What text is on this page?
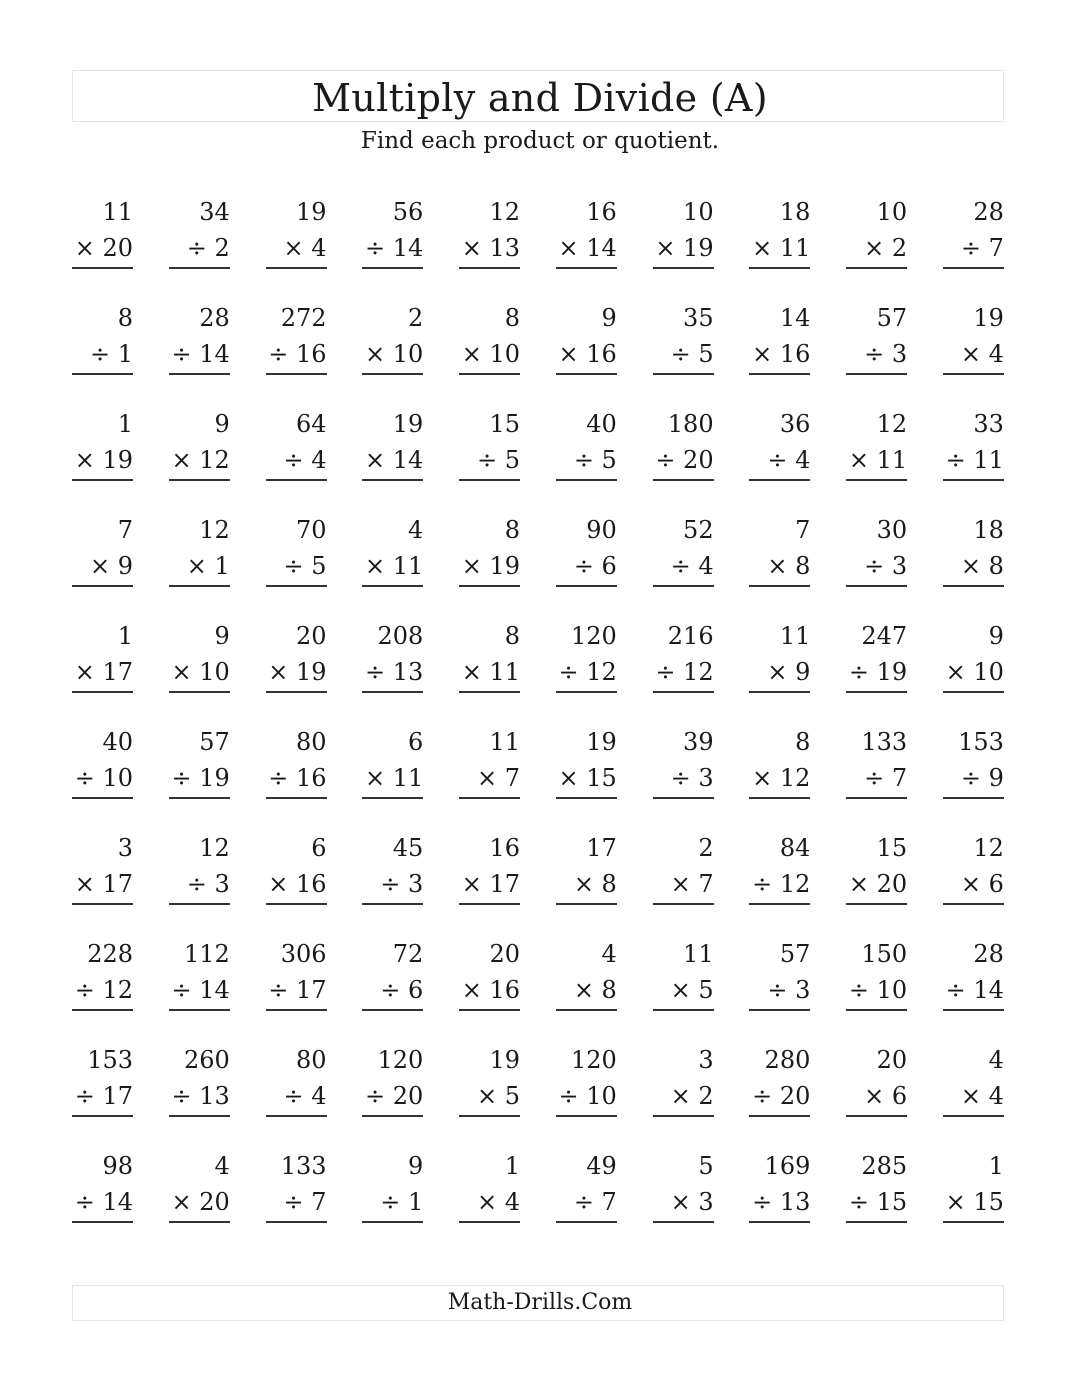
Multiply and Divide (A)
Find each product or quotient.
11
× 20
34
÷ 2
19
× 4
56
÷ 14
12
× 13
16
× 14
10
× 19
18
× 11
10
× 2
28
÷ 7
8
÷ 1
28
÷ 14
272
÷ 16
2
× 10
8
× 10
9
× 16
35
÷ 5
14
× 16
57
÷ 3
19
× 4
1
× 19
9
× 12
64
÷ 4
19
× 14
15
÷ 5
40
÷ 5
180
÷ 20
36
÷ 4
12
× 11
33
÷ 11
7
× 9
12
× 1
70
÷ 5
4
× 11
8
× 19
90
÷ 6
52
÷ 4
7
× 8
30
÷ 3
18
× 8
1
× 17
9
× 10
20
× 19
208
÷ 13
8
× 11
120
÷ 12
216
÷ 12
11
× 9
247
÷ 19
9
× 10
40
÷ 10
57
÷ 19
80
÷ 16
6
× 11
11
× 7
19
× 15
39
÷ 3
8
× 12
133
÷ 7
153
÷ 9
3
× 17
12
÷ 3
6
× 16
45
÷ 3
16
× 17
17
× 8
2
× 7
84
÷ 12
15
× 20
12
× 6
228
÷ 12
112
÷ 14
306
÷ 17
72
÷ 6
20
× 16
4
× 8
11
× 5
57
÷ 3
150
÷ 10
28
÷ 14
153
÷ 17
260
÷ 13
80
÷ 4
120
÷ 20
19
× 5
120
÷ 10
3
× 2
280
÷ 20
20
× 6
4
× 4
98
÷ 14
4
× 20
133
÷ 7
9
÷ 1
1
× 4
49
÷ 7
5
× 3
169
÷ 13
285
÷ 15
1
× 15
Math-Drills.Com
